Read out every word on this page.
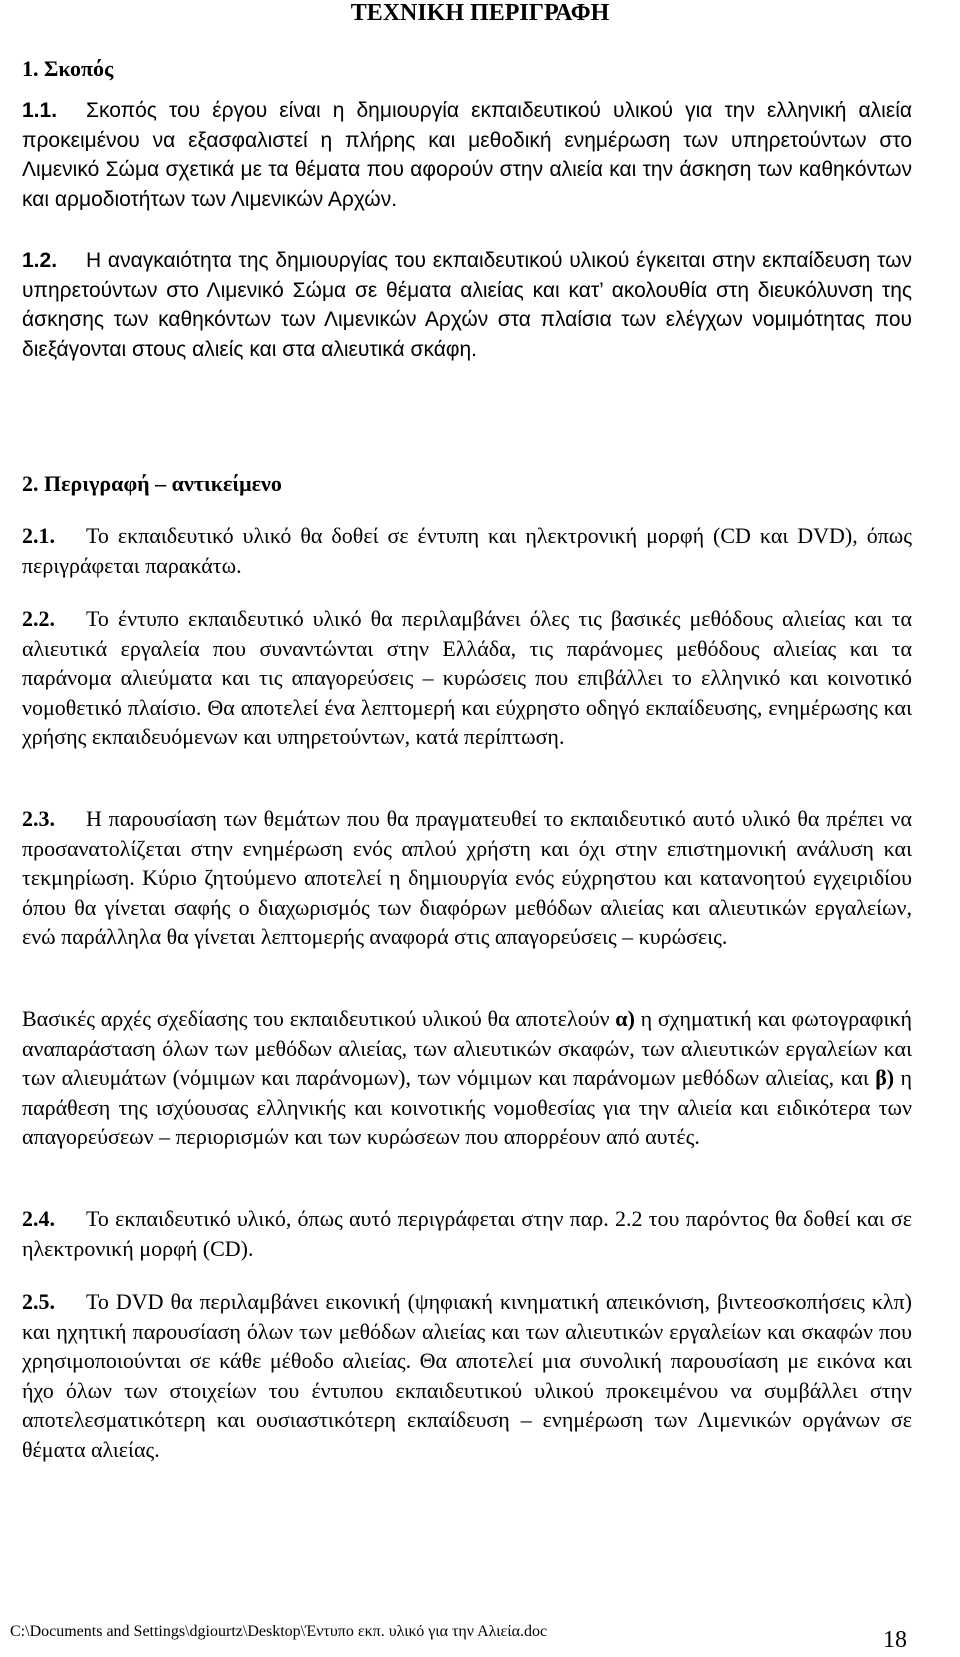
ΤΕΧΝΙΚΗ ΠΕΡΙΓΡΑΦΗ
1. Σκοπός

1.1. Σκοπός του έργου είναι η δημιουργία εκπαιδευτικού υλικού για την ελληνική αλιεία προκειμένου να εξασφαλιστεί η πλήρης και μεθοδική ενημέρωση των υπηρετούντων στο Λιμενικό Σώμα σχετικά με τα θέματα που αφορούν στην αλιεία και την άσκηση των καθηκόντων και αρμοδιοτήτων των Λιμενικών Αρχών.

1.2. Η αναγκαιότητα της δημιουργίας του εκπαιδευτικού υλικού έγκειται στην εκπαίδευση των υπηρετούντων στο Λιμενικό Σώμα σε θέματα αλιείας και κατ’ ακολουθία στη διευκόλυνση της άσκησης των καθηκόντων των Λιμενικών Αρχών στα πλαίσια των ελέγχων νομιμότητας που διεξάγονται στους αλιείς και στα αλιευτικά σκάφη.

2. Περιγραφή – αντικείμενο

2.1. Το εκπαιδευτικό υλικό θα δοθεί σε έντυπη και ηλεκτρονική μορφή (CD και DVD), όπως περιγράφεται παρακάτω.

2.2. Το έντυπο εκπαιδευτικό υλικό θα περιλαμβάνει όλες τις βασικές μεθόδους αλιείας και τα αλιευτικά εργαλεία που συναντώνται στην Ελλάδα, τις παράνομες μεθόδους αλιείας και τα παράνομα αλιεύματα και τις απαγορεύσεις – κυρώσεις που επιβάλλει το ελληνικό και κοινοτικό νομοθετικό πλαίσιο. Θα αποτελεί ένα λεπτομερή και εύχρηστο οδηγό εκπαίδευσης, ενημέρωσης και χρήσης εκπαιδευόμενων και υπηρετούντων, κατά περίπτωση.

2.3. Η παρουσίαση των θεμάτων που θα πραγματευθεί το εκπαιδευτικό αυτό υλικό θα πρέπει να προσανατολίζεται στην ενημέρωση ενός απλού χρήστη και όχι στην επιστημονική ανάλυση και τεκμηρίωση. Κύριο ζητούμενο αποτελεί η δημιουργία ενός εύχρηστου και κατανοητού εγχειριδίου όπου θα γίνεται σαφής ο διαχωρισμός των διαφόρων μεθόδων αλιείας και αλιευτικών εργαλείων, ενώ παράλληλα θα γίνεται λεπτομερής αναφορά στις απαγορεύσεις – κυρώσεις.

Βασικές αρχές σχεδίασης του εκπαιδευτικού υλικού θα αποτελούν α) η σχηματική και φωτογραφική αναπαράσταση όλων των μεθόδων αλιείας, των αλιευτικών σκαφών, των αλιευτικών εργαλείων και των αλιευμάτων (νόμιμων και παράνομων), των νόμιμων και παράνομων μεθόδων αλιείας, και β) η παράθεση της ισχύουσας ελληνικής και κοινοτικής νομοθεσίας για την αλιεία και ειδικότερα των απαγορεύσεων – περιορισμών και των κυρώσεων που απορρέουν από αυτές.

2.4. Το εκπαιδευτικό υλικό, όπως αυτό περιγράφεται στην παρ. 2.2 του παρόντος θα δοθεί και σε ηλεκτρονική μορφή (CD).

2.5. Το DVD θα περιλαμβάνει εικονική (ψηφιακή κινηματική απεικόνιση, βιντεοσκοπήσεις κλπ) και ηχητική παρουσίαση όλων των μεθόδων αλιείας και των αλιευτικών εργαλείων και σκαφών που χρησιμοποιούνται σε κάθε μέθοδο αλιείας. Θα αποτελεί μια συνολική παρουσίαση με εικόνα και ήχο όλων των στοιχείων του έντυπου εκπαιδευτικού υλικού προκειμένου να συμβάλλει στην αποτελεσματικότερη και ουσιαστικότερη εκπαίδευση – ενημέρωση των Λιμενικών οργάνων σε θέματα αλιείας.

C:\Documents and Settings\dgiourtz\Desktop\Έντυπο εκπ. υλικό για την Αλιεία.doc	18
